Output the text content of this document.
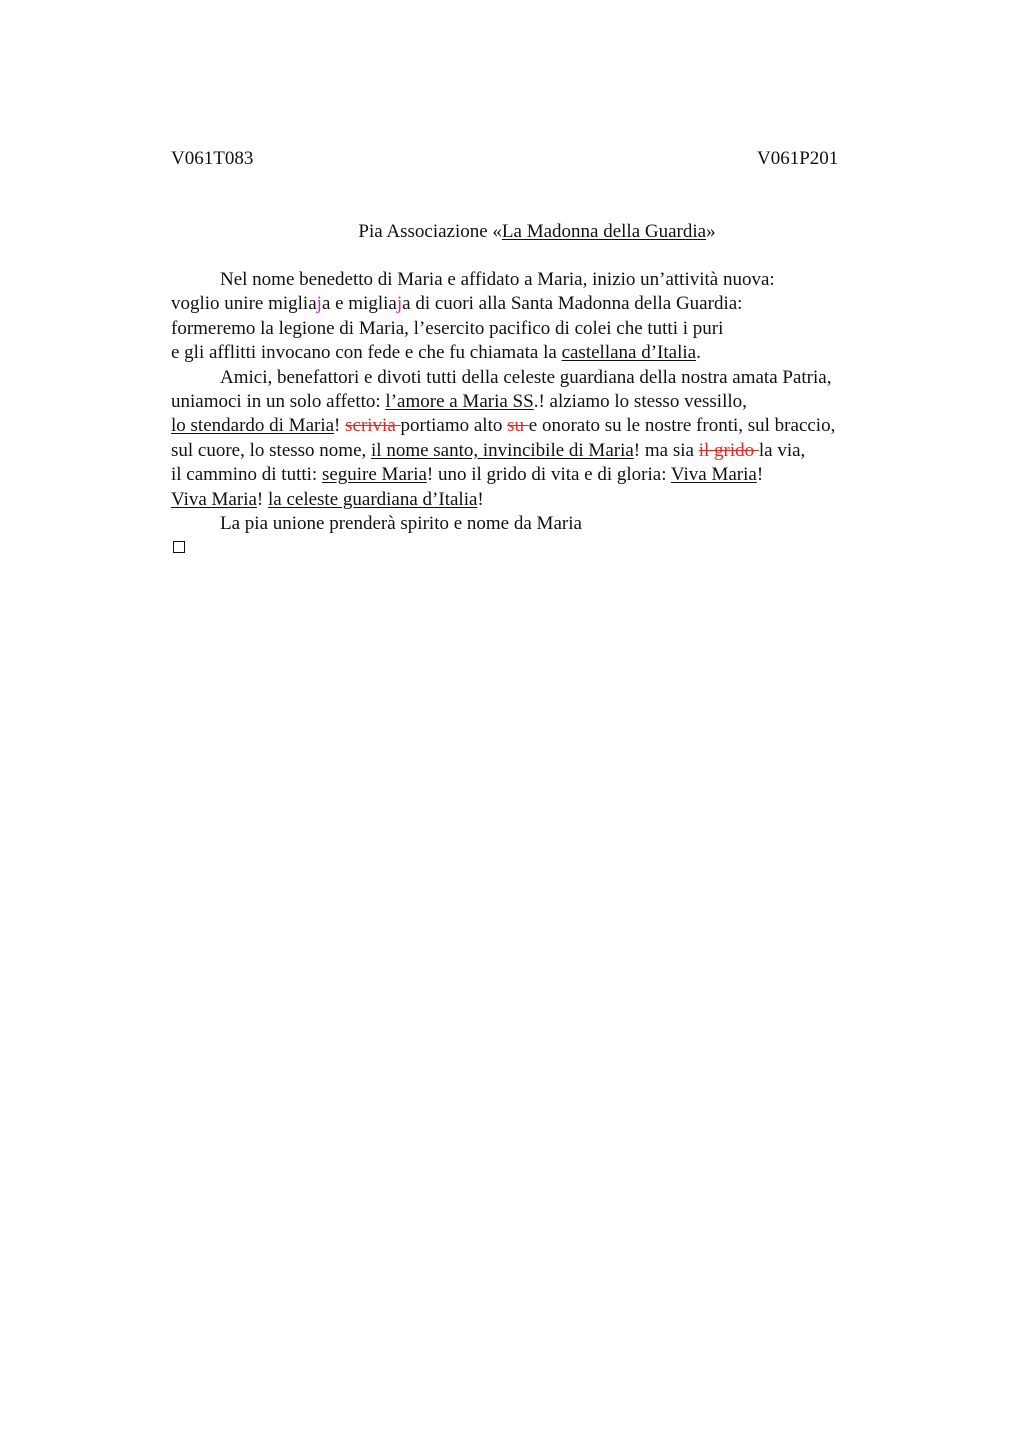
V061T083	V061P201
Pia Associazione «La Madonna della Guardia»
Nel nome benedetto di Maria e affidato a Maria, inizio un’attività nuova:
voglio unire migliaja e migliaja di cuori alla Santa Madonna della Guardia:
formeremo la legione di Maria, l’esercito pacifico di colei che tutti i puri
e gli afflitti invocano con fede e che fu chiamata la castellana d’Italia.
Amici, benefattori e divoti tutti della celeste guardiana della nostra amata Patria,
uniamoci in un solo affetto: l’amore a Maria SS.! alziamo lo stesso vessillo,
lo stendardo di Maria! scrivia portiamo alto su e onorato su le nostre fronti, sul braccio,
sul cuore, lo stesso nome, il nome santo, invincibile di Maria! ma sia il grido la via,
il cammino di tutti: seguire Maria! uno il grido di vita e di gloria: Viva Maria!
Viva Maria! la celeste guardiana d’Italia!
La pia unione prenderà spirito e nome da Maria
